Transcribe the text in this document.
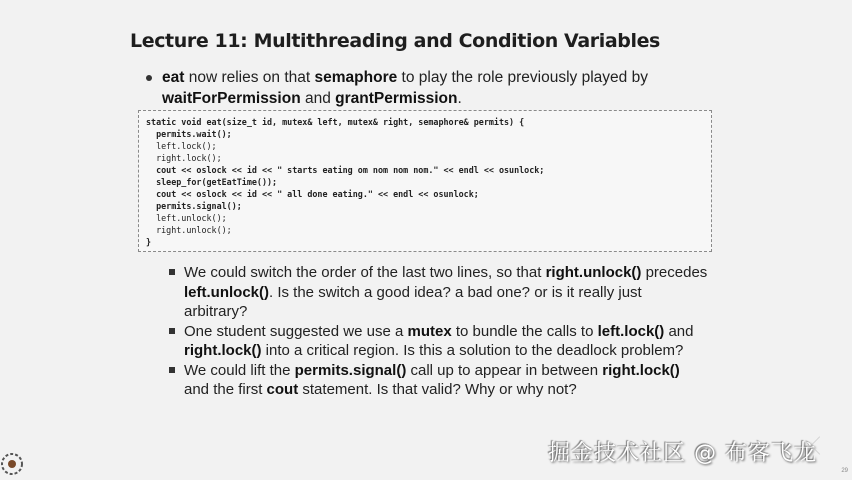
Lecture 11: Multithreading and Condition Variables
eat now relies on that semaphore to play the role previously played by waitForPermission and grantPermission.
static void eat(size_t id, mutex& left, mutex& right, semaphore& permits) {
permits.wait();
left.lock();
right.lock();
cout << oslock << id << " starts eating om nom nom nom." << endl << osunlock;
sleep_for(getEatTime());
cout << oslock << id << " all done eating." << endl << osunlock;
permits.signal();
left.unlock();
right.unlock();
}
We could switch the order of the last two lines, so that right.unlock() precedes left.unlock(). Is the switch a good idea? a bad one? or is it really just arbitrary?
One student suggested we use a mutex to bundle the calls to left.lock() and right.lock() into a critical region. Is this a solution to the deadlock problem?
We could lift the permits.signal() call up to appear in between right.lock() and the first cout statement. Is that valid? Why or why not?
掘金技术社区 @ 布客飞龙
29
